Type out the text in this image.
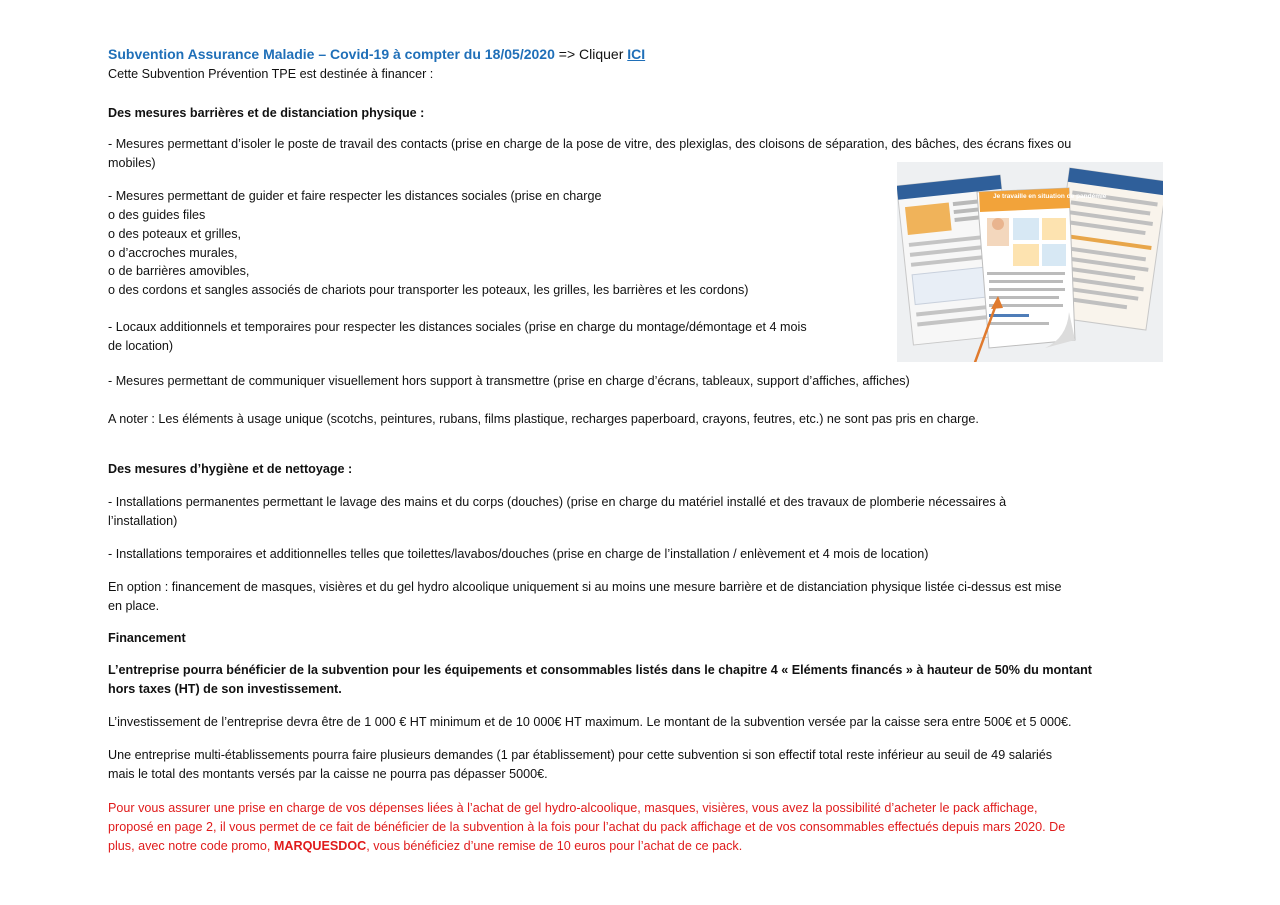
Subvention Assurance Maladie – Covid-19 à compter du 18/05/2020 => Cliquer ICI
Cette Subvention Prévention TPE est destinée à financer :
Des mesures barrières et de distanciation physique :
- Mesures permettant d’isoler le poste de travail des contacts (prise en charge de la pose de vitre, des plexiglas, des cloisons de séparation, des bâches, des écrans fixes ou
mobiles)
- Mesures permettant de guider et faire respecter les distances sociales (prise en charge
o des guides files
o des poteaux et grilles,
o d’accroches murales,
o de barrières amovibles,
o des cordons et sangles associés de chariots pour transporter les poteaux, les grilles, les barrières et les cordons)
- Locaux additionnels et temporaires pour respecter les distances sociales (prise en charge du montage/démontage et 4 mois
de location)
- Mesures permettant de communiquer visuellement hors support à transmettre (prise en charge d’écrans, tableaux, support d’affiches, affiches)
A noter : Les éléments à usage unique (scotchs, peintures, rubans, films plastique, recharges paperboard, crayons, feutres, etc.) ne sont pas pris en charge.
Des mesures d’hygiène et de nettoyage :
- Installations permanentes permettant le lavage des mains et du corps (douches) (prise en charge du matériel installé et des travaux de plomberie nécessaires à
l’installation)
- Installations temporaires et additionnelles telles que toilettes/lavabos/douches (prise en charge de l’installation / enlèvement et 4 mois de location)
En option : financement de masques, visières et du gel hydro alcoolique uniquement si au moins une mesure barrière et de distanciation physique listée ci-dessus est mise
en place.
Financement
L’entreprise pourra bénéficier de la subvention pour les équipements et consommables listés dans le chapitre 4 « Eléments financés » à hauteur de 50% du montant
hors taxes (HT) de son investissement.
L’investissement de l’entreprise devra être de 1 000 € HT minimum et de 10 000€ HT maximum. Le montant de la subvention versée par la caisse sera entre 500€ et 5 000€.
Une entreprise multi-établissements pourra faire plusieurs demandes (1 par établissement) pour cette subvention si son effectif total reste inférieur au seuil de 49 salariés
mais le total des montants versés par la caisse ne pourra pas dépasser 5000€.
Pour vous assurer une prise en charge de vos dépenses liées à l’achat de gel hydro-alcoolique, masques, visières, vous avez la possibilité d’acheter le pack affichage,
proposé en page 2, il vous permet de ce fait de bénéficier de la subvention à la fois pour l’achat du pack affichage et de vos consommables effectués depuis mars 2020. De
plus, avec notre code promo, MARQUESDOC, vous bénéficiez d’une remise de 10 euros pour l’achat de ce pack.
Je travaille en situation de pandémie
